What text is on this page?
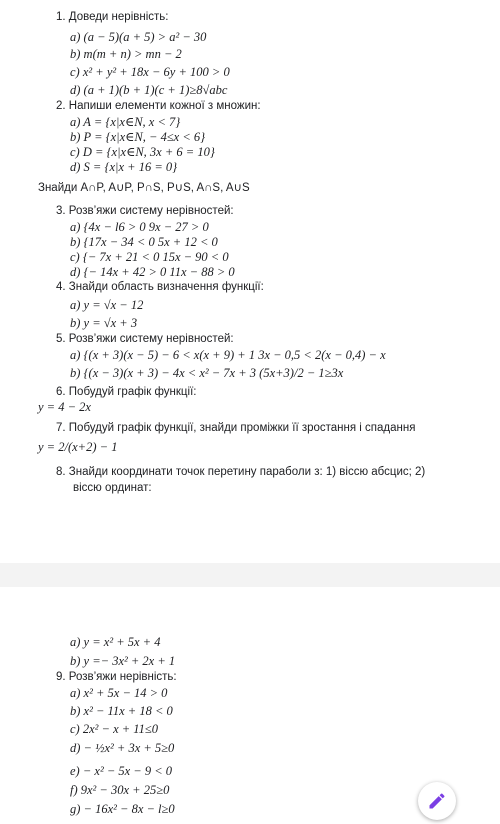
1. Доведи нерівність:
a) (a − 5)(a + 5) > a² − 30
b) m(m + n) > mn − 2
c) x² + y² + 18x − 6y + 100 > 0
d) (a + 1)(b + 1)(c + 1)≥8√abc
2. Напиши елементи кожної з множин:
a) A = {x|x∈N, x < 7}
b) P = {x|x∈N, − 4≤x < 6}
c) D = {x|x∈N, 3x + 6 = 10}
d) S = {x|x + 16 = 0}
Знайди A∩P, A∪P, P∩S, P∪S, A∩S, A∪S
3. Розв’яжи систему нерівностей:
a) {4x − l6 > 0 9x − 27 > 0
b) {17x − 34 < 0 5x + 12 < 0
c) {− 7x + 21 < 0 15x − 90 < 0
d) {− 14x + 42 > 0 11x − 88 > 0
4. Знайди область визначення функції:
a) y = √x − 12
b) y = √x + 3
5. Розв’яжи систему нерівностей:
a) {(x + 3)(x − 5) − 6 < x(x + 9) + 1 3x − 0,5 < 2(x − 0,4) − x
b) {(x − 3)(x + 3) − 4x < x² − 7x + 3 (5x+3)/2 − 1≥3x
6. Побудуй графік функції:
y = 4 − 2x
7. Побудуй графік функції, знайди проміжки її зростання і спадання
y = 2/(x+2) − 1
8. Знайди координати точок перетину параболи з: 1) віссю абсцис; 2)
віссю ординат:
a) y = x² + 5x + 4
b) y =− 3x² + 2x + 1
9. Розв’яжи нерівність:
a) x² + 5x − 14 > 0
b) x² − 11x + 18 < 0
c) 2x² − x + 11≤0
d) − ½x² + 3x + 5≥0
e) − x² − 5x − 9 < 0
f) 9x² − 30x + 25≥0
g) − 16x² − 8x − l≥0
